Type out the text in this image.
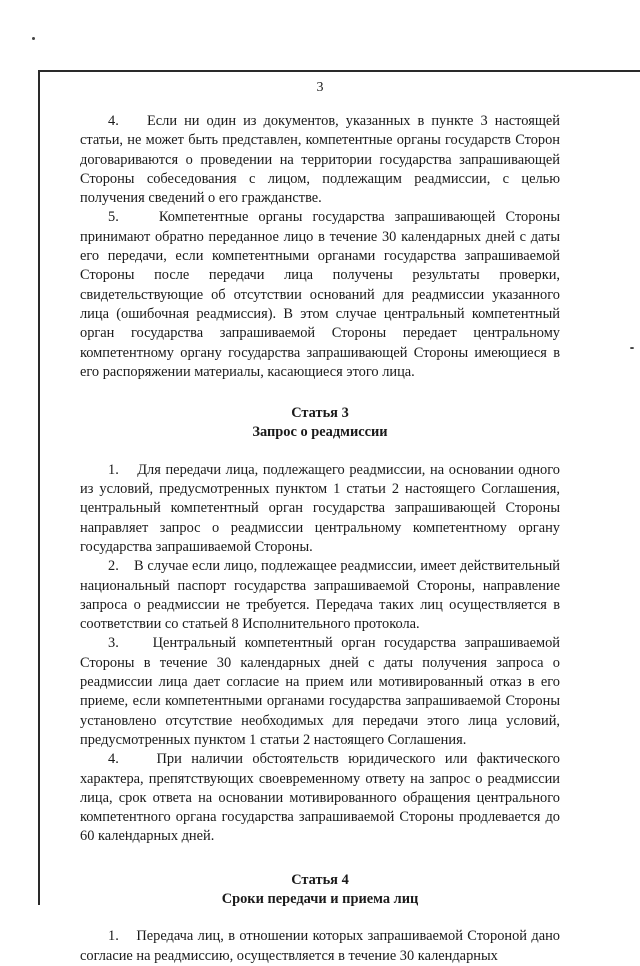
3

4.    Если ни один из документов, указанных в пункте 3 настоящей статьи, не может быть представлен, компетентные органы государств Сторон договариваются о проведении на территории государства запрашивающей Стороны собеседования с лицом, подлежащим реадмиссии, с целью получения сведений о его гражданстве.

5.    Компетентные органы государства запрашивающей Стороны принимают обратно переданное лицо в течение 30 календарных дней с даты его передачи, если компетентными органами государства запрашиваемой Стороны после передачи лица получены результаты проверки, свидетельствующие об отсутствии оснований для реадмиссии указанного лица (ошибочная реадмиссия). В этом случае центральный компетентный орган государства запрашиваемой Стороны передает центральному компетентному органу государства запрашивающей Стороны имеющиеся в его распоряжении материалы, касающиеся этого лица.

Статья 3

Запрос о реадмиссии

1.    Для передачи лица, подлежащего реадмиссии, на основании одного из условий, предусмотренных пунктом 1 статьи 2 настоящего Соглашения, центральный компетентный орган государства запрашивающей Стороны направляет запрос о реадмиссии центральному компетентному органу государства запрашиваемой Стороны.

2.    В случае если лицо, подлежащее реадмиссии, имеет действительный национальный паспорт государства запрашиваемой Стороны, направление запроса о реадмиссии не требуется. Передача таких лиц осуществляется в соответствии со статьей 8 Исполнительного протокола.

3.    Центральный компетентный орган государства запрашиваемой Стороны в течение 30 календарных дней с даты получения запроса о реадмиссии лица дает согласие на прием или мотивированный отказ в его приеме, если компетентными органами государства запрашиваемой Стороны установлено отсутствие необходимых для передачи этого лица условий, предусмотренных пунктом 1 статьи 2 настоящего Соглашения.

4.    При наличии обстоятельств юридического или фактического характера, препятствующих своевременному ответу на запрос о реадмиссии лица, срок ответа на основании мотивированного обращения центрального компетентного органа государства запрашиваемой Стороны продлевается до 60 календарных дней.

Статья 4

Сроки передачи и приема лиц

1.    Передача лиц, в отношении которых запрашиваемой Стороной дано согласие на реадмиссию, осуществляется в течение 30 календарных
